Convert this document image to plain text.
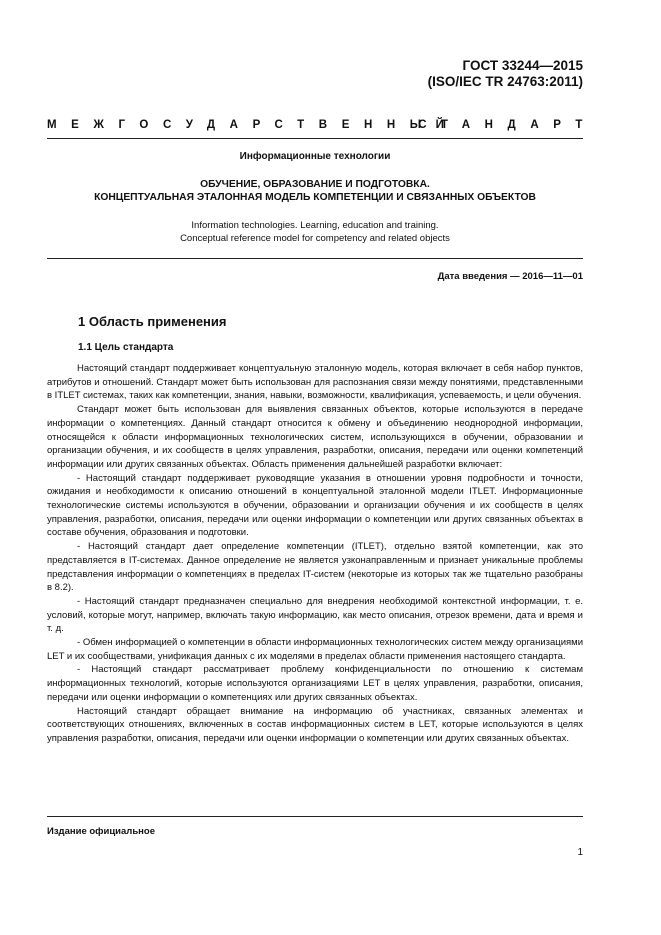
ГОСТ 33244—2015
(ISO/IEC TR 24763:2011)
МЕЖГОСУДАРСТВЕННЫЙ
СТАНДАРТ
Информационные технологии
ОБУЧЕНИЕ, ОБРАЗОВАНИЕ И ПОДГОТОВКА.
КОНЦЕПТУАЛЬНАЯ ЭТАЛОННАЯ МОДЕЛЬ КОМПЕТЕНЦИИ И СВЯЗАННЫХ ОБЪЕКТОВ
Information technologies. Learning, education and training.
Conceptual reference model for competency and related objects
Дата введения — 2016—11—01
1 Область применения
1.1 Цель стандарта

Настоящий стандарт поддерживает концептуальную эталонную модель, которая включает в себя набор пунктов, атрибутов и отношений. Стандарт может быть использован для распознания связи между понятиями, представленными в ITLET системах, таких как компетенции, знания, навыки, возможности, квалификация, успеваемость, и цели обучения.

Стандарт может быть использован для выявления связанных объектов, которые используются в передаче информации о компетенциях. Данный стандарт относится к обмену и объединению неоднородной информации, относящейся к области информационных технологических систем, использующихся в обучении, образовании и организации обучения, и их сообществ в целях управления, разработки, описания, передачи или оценки компетенций информации или других связанных объектах. Область применения дальнейшей разработки включает:

- Настоящий стандарт поддерживает руководящие указания в отношении уровня подробности и точности, ожидания и необходимости к описанию отношений в концептуальной эталонной модели ITLET. Информационные технологические системы используются в обучении, образовании и организации обучения и их сообществ в целях управления, разработки, описания, передачи или оценки информации о компетенции или других связанных объектах в составе обучения, образования и подготовки.

- Настоящий стандарт дает определение компетенции (ITLET), отдельно взятой компетенции, как это представляется в IT-системах. Данное определение не является узконаправленным и признает уникальные проблемы представления информации о компетенциях в пределах IT-систем (некоторые из которых так же тщательно разобраны в 8.2).

- Настоящий стандарт предназначен специально для внедрения необходимой контекстной информации, т. е. условий, которые могут, например, включать такую информацию, как место описания, отрезок времени, дата и время и т. д.

- Обмен информацией о компетенции в области информационных технологических систем между организациями LET и их сообществами, унификация данных с их моделями в пределах области применения настоящего стандарта.

- Настоящий стандарт рассматривает проблему конфиденциальности по отношению к системам информационных технологий, которые используются организациями LET в целях управления, разработки, описания, передачи или оценки информации о компетенциях или других связанных объектах.

Настоящий стандарт обращает внимание на информацию об участниках, связанных элементах и соответствующих отношениях, включенных в состав информационных систем в LET, которые используются в целях управления разработки, описания, передачи или оценки информации о компетенции или других связанных объектах.

Издание официальное
1
